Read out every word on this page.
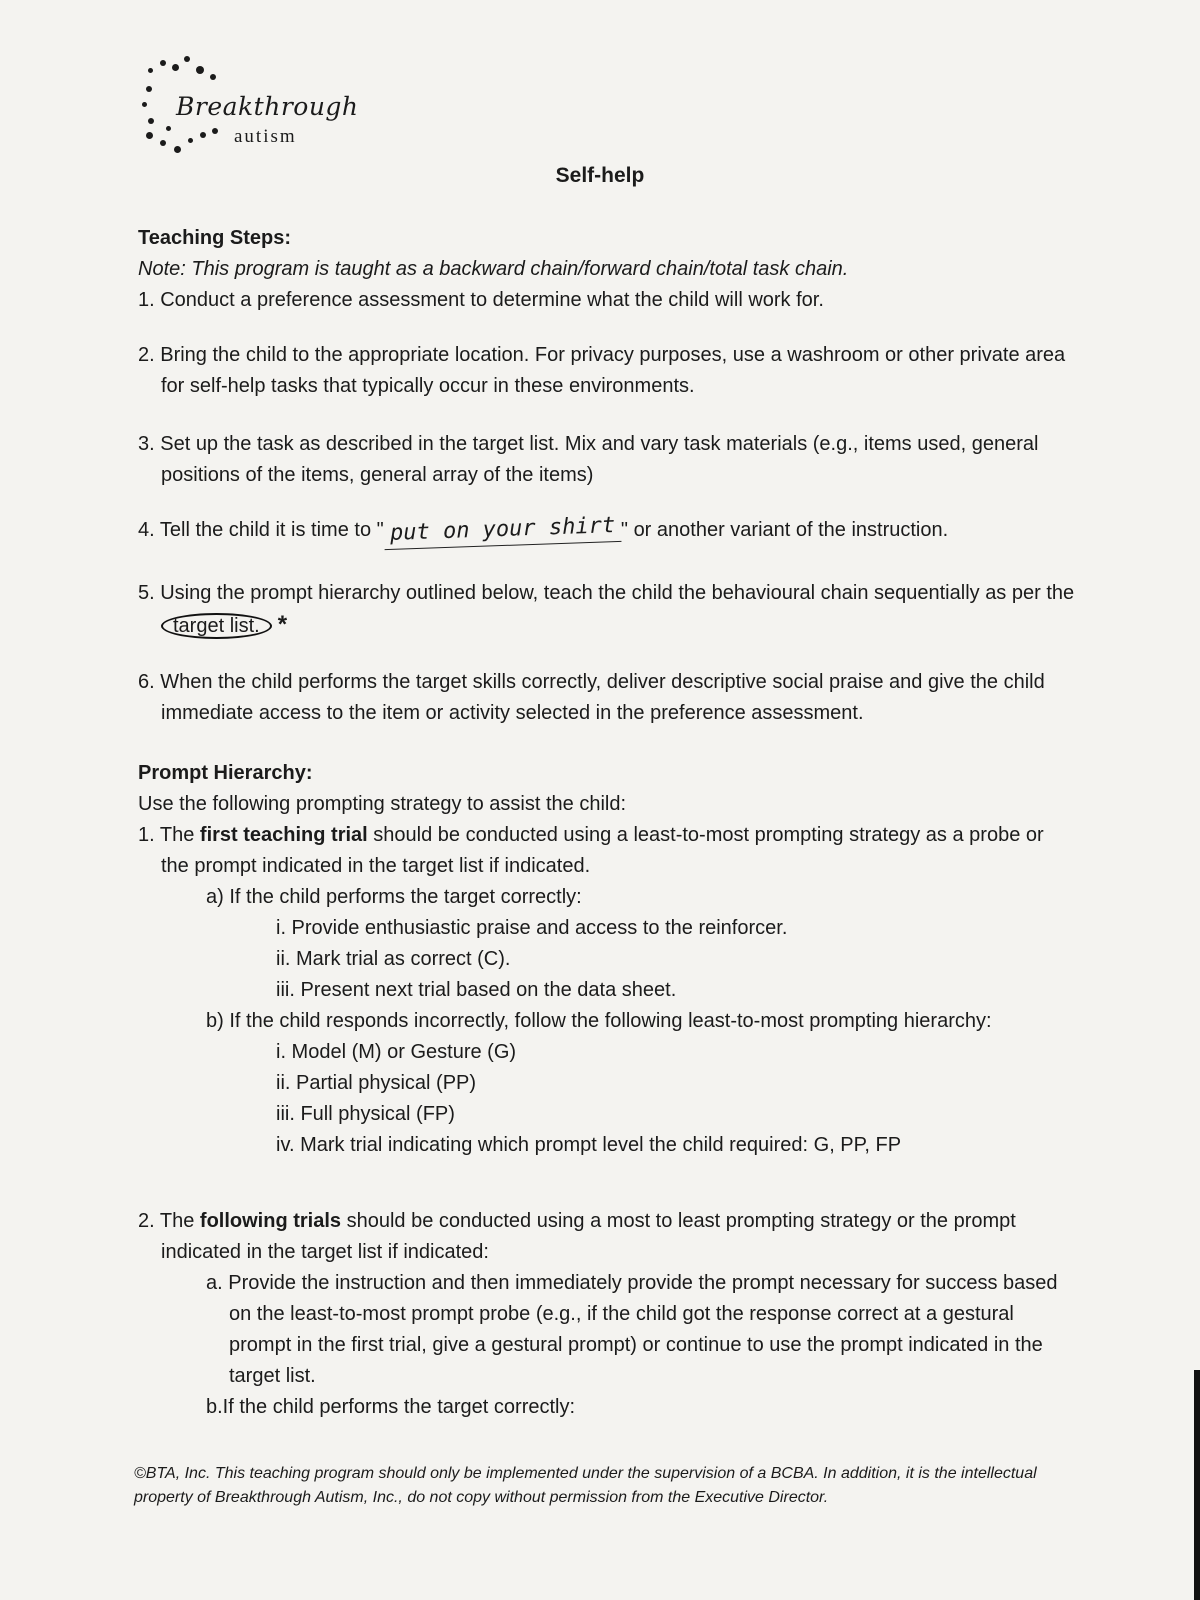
Breakthrough
autism
Self-help
Teaching Steps:
Note: This program is taught as a backward chain/forward chain/total task chain.
1. Conduct a preference assessment to determine what the child will work for.
2. Bring the child to the appropriate location. For privacy purposes, use a washroom or other private area for self-help tasks that typically occur in these environments.
3. Set up the task as described in the target list. Mix and vary task materials (e.g., items used, general positions of the items, general array of the items)
4. Tell the child it is time to " put on your shirt " or another variant of the instruction.
5. Using the prompt hierarchy outlined below, teach the child the behavioural chain sequentially as per the target list. *
6. When the child performs the target skills correctly, deliver descriptive social praise and give the child immediate access to the item or activity selected in the preference assessment.
Prompt Hierarchy:
Use the following prompting strategy to assist the child:
1. The first teaching trial should be conducted using a least-to-most prompting strategy as a probe or the prompt indicated in the target list if indicated.
a) If the child performs the target correctly:
i. Provide enthusiastic praise and access to the reinforcer.
ii. Mark trial as correct (C).
iii. Present next trial based on the data sheet.
b) If the child responds incorrectly, follow the following least-to-most prompting hierarchy:
i. Model (M) or Gesture (G)
ii. Partial physical (PP)
iii. Full physical (FP)
iv. Mark trial indicating which prompt level the child required: G, PP, FP
2. The following trials should be conducted using a most to least prompting strategy or the prompt indicated in the target list if indicated:
a. Provide the instruction and then immediately provide the prompt necessary for success based on the least-to-most prompt probe (e.g., if the child got the response correct at a gestural prompt in the first trial, give a gestural prompt) or continue to use the prompt indicated in the target list.
b.If the child performs the target correctly:
©BTA, Inc. This teaching program should only be implemented under the supervision of a BCBA. In addition, it is the intellectual property of Breakthrough Autism, Inc., do not copy without permission from the Executive Director.
